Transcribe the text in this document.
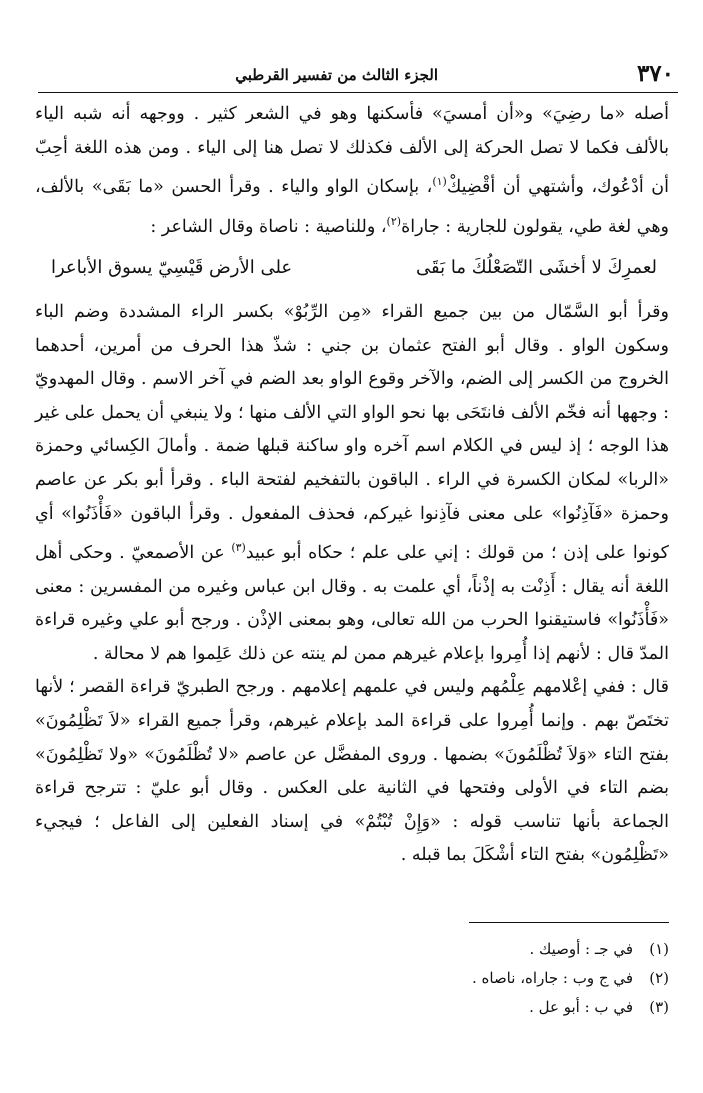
٣٧٠
الجزء الثالث من تفسير القرطبي

أصله «ما رضِيَ» و«أن أمسيَ» فأسكنها وهو في الشعر كثير . ووجهه أنه شبه الياء بالألف فكما لا تصل الحركة إلى الألف فكذلك لا تصل هنا إلى الياء . ومن هذه اللغة أحِبّ أن أدْعُوك، وأشتهي أن أقْضِيكْ$^{(١)}$، بإسكان الواو والياء . وقرأ الحسن «ما بَقَى» بالألف، وهي لغة طي، يقولون للجارية : جاراة$^{(٢)}$، وللناصية : ناصاة وقال الشاعر :

لعمرِكَ لا أخشَى التّصَعْلُكَ ما بَقَى
على الأرض قَيْسِيّ يسوق الأباعرا

وقرأ أبو السَّمّال من بين جميع القراء «مِن الرِّبُوْ» بكسر الراء المشددة وضم الباء وسكون الواو . وقال أبو الفتح عثمان بن جني : شذّ هذا الحرف من أمرين، أحدهما الخروج من الكسر إلى الضم، والآخر وقوع الواو بعد الضم في آخر الاسم . وقال المهدويّ : وجهها أنه فخّم الألف فانتَحَى بها نحو الواو التي الألف منها ؛ ولا ينبغي أن يحمل على غير هذا الوجه ؛ إذ ليس في الكلام اسم آخره واو ساكنة قبلها ضمة . وأمالَ الكِسائي وحمزة «الربا» لمكان الكسرة في الراء . الباقون بالتفخيم لفتحة الباء . وقرأ أبو بكر عن عاصم وحمزة «فَآذِنُوا» على معنى فآذِنوا غيركم، فحذف المفعول . وقرأ الباقون «فَأْذَنُوا» أي كونوا على إذن ؛ من قولك : إني على علم ؛ حكاه أبو عبيد$^{(٣)}$ عن الأصمعيّ . وحكى أهل اللغة أنه يقال : أَذِنْت به إذْناً، أي علمت به . وقال ابن عباس وغيره من المفسرين : معنى «فَأْذَنُوا» فاستيقنوا الحرب من الله تعالى، وهو بمعنى الإذْن . ورجح أبو علي وغيره قراءة المدّ قال : لأنهم إذا أُمِروا بإعلام غيرهم ممن لم ينته عن ذلك عَلِموا هم لا محالة .

قال : ففي إعْلامهم عِلْمُهم وليس في علمهم إعلامهم . ورجح الطبريّ قراءة القصر ؛ لأنها تختَصّ بهم . وإنما أُمِروا على قراءة المد بإعلام غيرهم، وقرأ جميع القراء «لاَ تَظْلِمُونَ» بفتح التاء «وَلاَ تُظْلَمُونَ» بضمها . وروى المفضَّل عن عاصم «لا تُظْلَمُونَ» «ولا تَظْلِمُونَ» بضم التاء في الأولى وفتحها في الثانية على العكس . وقال أبو عليّ : تترجح قراءة الجماعة بأنها تناسب قوله : «وَإِنْ تُبْتُمْ» في إسناد الفعلين إلى الفاعل ؛ فيجيء «تَظْلِمُون» بفتح التاء أشْكَلَ بما قبله .

(١)
في جـ : أوصيك .
(٢)
في ج وب : جاراه، ناصاه .
(٣)
في ب : أبو عل .
